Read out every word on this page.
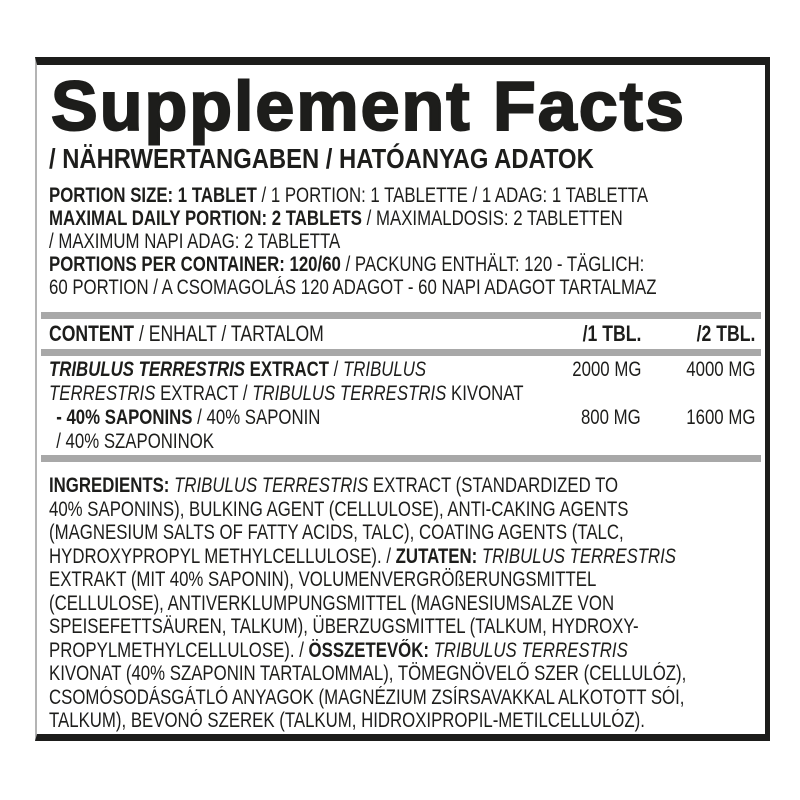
Supplement Facts
/ NÄHRWERTANGABEN / HATÓANYAG ADATOK
PORTION SIZE: 1 TABLET / 1 PORTION: 1 TABLETTE / 1 ADAG: 1 TABLETTA
MAXIMAL DAILY PORTION: 2 TABLETS / MAXIMALDOSIS: 2 TABLETTEN
/ MAXIMUM NAPI ADAG: 2 TABLETTA
PORTIONS PER CONTAINER: 120/60 / PACKUNG ENTHÄLT: 120 - TÄGLICH:
60 PORTION / A CSOMAGOLÁS 120 ADAGOT - 60 NAPI ADAGOT TARTALMAZ
CONTENT / ENHALT / TARTALOM	/1 TBL.	/2 TBL.
TRIBULUS TERRESTRIS EXTRACT / TRIBULUS
TERRESTRIS EXTRACT / TRIBULUS TERRESTRIS KIVONAT
2000 MG 4000 MG
- 40% SAPONINS / 40% SAPONIN
/ 40% SZAPONINOK
800 MG 1600 MG
INGREDIENTS: TRIBULUS TERRESTRIS EXTRACT (STANDARDIZED TO
40% SAPONINS), BULKING AGENT (CELLULOSE), ANTI-CAKING AGENTS
(MAGNESIUM SALTS OF FATTY ACIDS, TALC), COATING AGENTS (TALC,
HYDROXYPROPYL METHYLCELLULOSE). / ZUTATEN: TRIBULUS TERRESTRIS
EXTRAKT (MIT 40% SAPONIN), VOLUMENVERGRÖßERUNGSMITTEL
(CELLULOSE), ANTIVERKLUMPUNGSMITTEL (MAGNESIUMSALZE VON
SPEISEFETTSÄUREN, TALKUM), ÜBERZUGSMITTEL (TALKUM, HYDROXY-
PROPYLMETHYLCELLULOSE). / ÖSSZETEVŐK: TRIBULUS TERRESTRIS
KIVONAT (40% SZAPONIN TARTALOMMAL), TÖMEGNÖVELŐ SZER (CELLULÓZ),
CSOMÓSODÁSGÁTLÓ ANYAGOK (MAGNÉZIUM ZSÍRSAVAKKAL ALKOTOTT SÓI,
TALKUM), BEVONÓ SZEREK (TALKUM, HIDROXIPROPIL-METILCELLULÓZ).
